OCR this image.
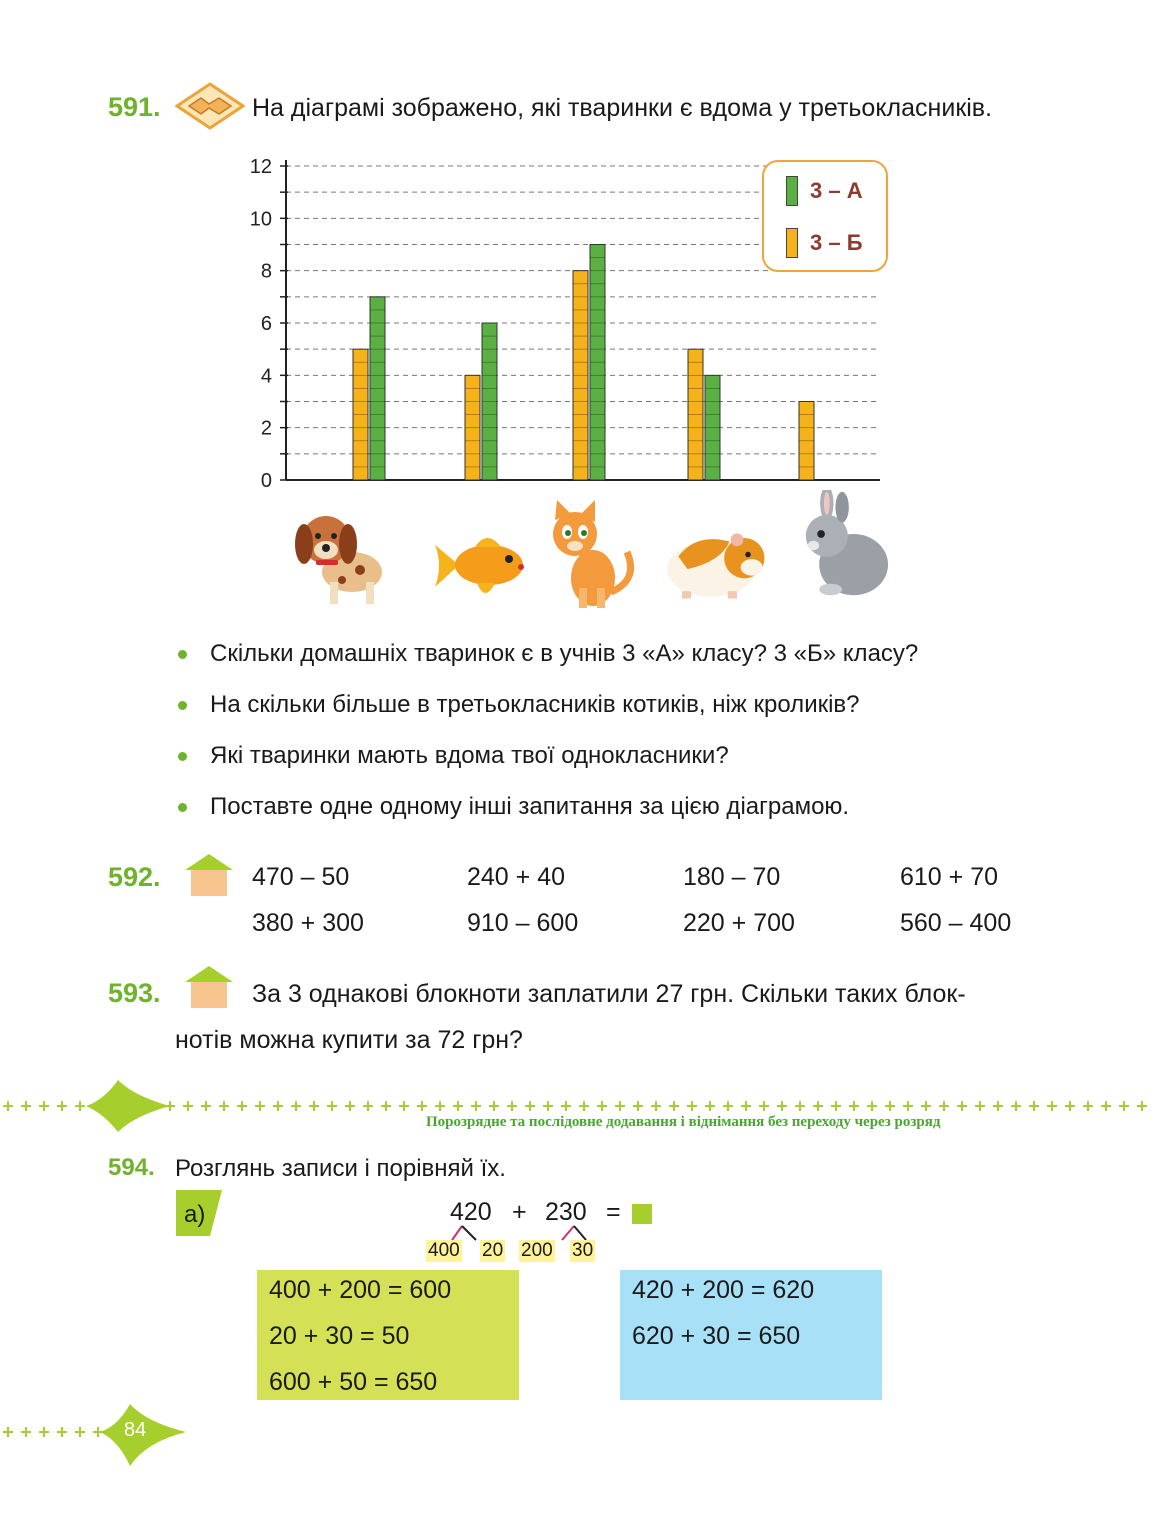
591.	На діаграмі зображено, які тваринки є вдома у третьокласників.
0
2
4
6
8
10
12
3 – А
3 – Б
Скільки домашніх тваринок є в учнів 3 «А» класу? 3 «Б» класу?
На скільки більше в третьокласників котиків, ніж кроликів?
Які тваринки мають вдома твої однокласники?
Поставте одне одному інші запитання за цією діаграмою.
592.	470 – 50	240 + 40	180 – 70	610 + 70
380 + 300	910 – 600	220 + 700	560 – 400
593.	За 3 однакові блокноти заплатили 27 грн. Скільки таких блок-
нотів можна купити за 72 грн?
Порозрядне та послідовне додавання і віднімання без переходу через розряд
594. Розглянь записи і порівняй їх.
а)	420 + 230 =
400 20 200 30
400 + 200 = 600
20 + 30 = 50
600 + 50 = 650
420 + 200 = 620
620 + 30 = 650
84
